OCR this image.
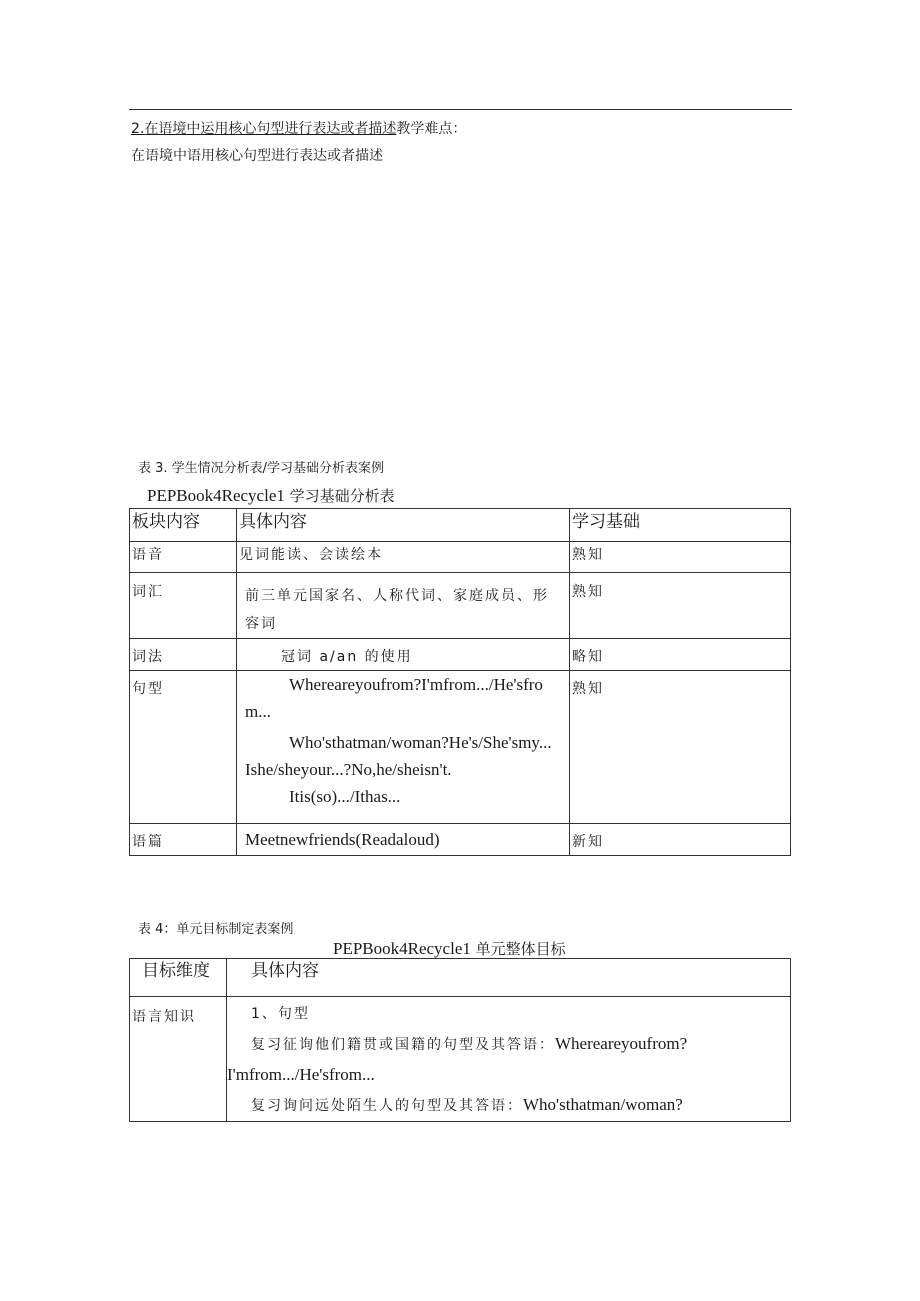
2.在语境中运用核心句型进行表达或者描述教学难点：
在语境中语用核心句型进行表达或者描述
表 3. 学生情况分析表/学习基础分析表案例
PEPBook4Recycle1 学习基础分析表
板块内容	具体内容	学习基础
语音	见词能读、会读绘本	熟知
词汇	前三单元国家名、人称代词、家庭成员、形
容词	熟知
词法	冠词 a/an 的使用	略知
句型	Whereareyoufrom?I'mfrom.../He'sfro
m...
Who'sthatman/woman?He's/She'smy...
Ishe/sheyour...?No,he/sheisn't.
Itis(so).../Ithas...	熟知
语篇	Meetnewfriends(Readaloud)	新知
表 4：单元目标制定表案例
PEPBook4Recycle1 单元整体目标
目标维度	具体内容
语言知识	1、句型
复习征询他们籍贯或国籍的句型及其答语：Whereareyoufrom?
I'mfrom.../He'sfrom...
复习询问远处陌生人的句型及其答语：Who'sthatman/woman?
